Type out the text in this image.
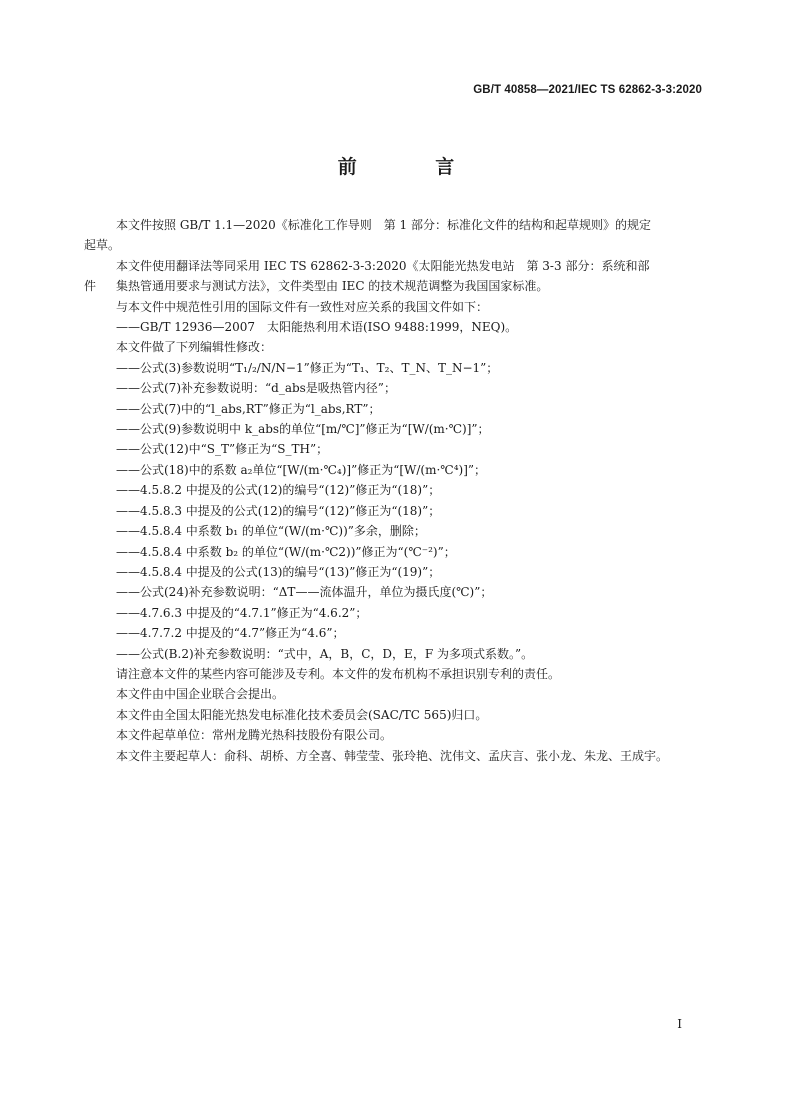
GB/T 40858—2021/IEC TS 62862-3-3:2020
前 言
本文件按照 GB/T 1.1—2020《标准化工作导则　第 1 部分：标准化文件的结构和起草规则》的规定
起草。
本文件使用翻译法等同采用 IEC TS 62862-3-3:2020《太阳能光热发电站　第 3-3 部分：系统和部
件	集热管通用要求与测试方法》，文件类型由 IEC 的技术规范调整为我国国家标准。
与本文件中规范性引用的国际文件有一致性对应关系的我国文件如下：
——GB/T 12936—2007　太阳能热利用术语(ISO 9488:1999，NEQ)。
本文件做了下列编辑性修改：
——公式(3)参数说明“T₁/₂/N/N−1”修正为“T₁、T₂、T_N、T_N−1”；
——公式(7)补充参数说明：“d_abs是吸热管内径”；
——公式(7)中的“l_abs,RT”修正为“l_abs,RT”；
——公式(9)参数说明中 k_abs的单位“[m/℃]”修正为“[W/(m·℃)]”；
——公式(12)中“S_T”修正为“S_TH”；
——公式(18)中的系数 a₂单位“[W/(m·℃₄)]”修正为“[W/(m·℃⁴)]”；
——4.5.8.2 中提及的公式(12)的编号“(12)”修正为“(18)”；
——4.5.8.3 中提及的公式(12)的编号“(12)”修正为“(18)”；
——4.5.8.4 中系数 b₁ 的单位“(W/(m·℃))”多余，删除；
——4.5.8.4 中系数 b₂ 的单位“(W/(m·℃2))”修正为“(℃⁻²)”；
——4.5.8.4 中提及的公式(13)的编号“(13)”修正为“(19)”；
——公式(24)补充参数说明：“ΔT——流体温升，单位为摄氏度(℃)”；
——4.7.6.3 中提及的“4.7.1”修正为“4.6.2”；
——4.7.7.2 中提及的“4.7”修正为“4.6”；
——公式(B.2)补充参数说明：“式中，A，B，C，D，E，F 为多项式系数。”。
请注意本文件的某些内容可能涉及专利。本文件的发布机构不承担识别专利的责任。
本文件由中国企业联合会提出。
本文件由全国太阳能光热发电标准化技术委员会(SAC/TC 565)归口。
本文件起草单位：常州龙腾光热科技股份有限公司。
本文件主要起草人：俞科、胡桥、方全喜、韩莹莹、张玲艳、沈伟文、孟庆言、张小龙、朱龙、王成宇。
I
